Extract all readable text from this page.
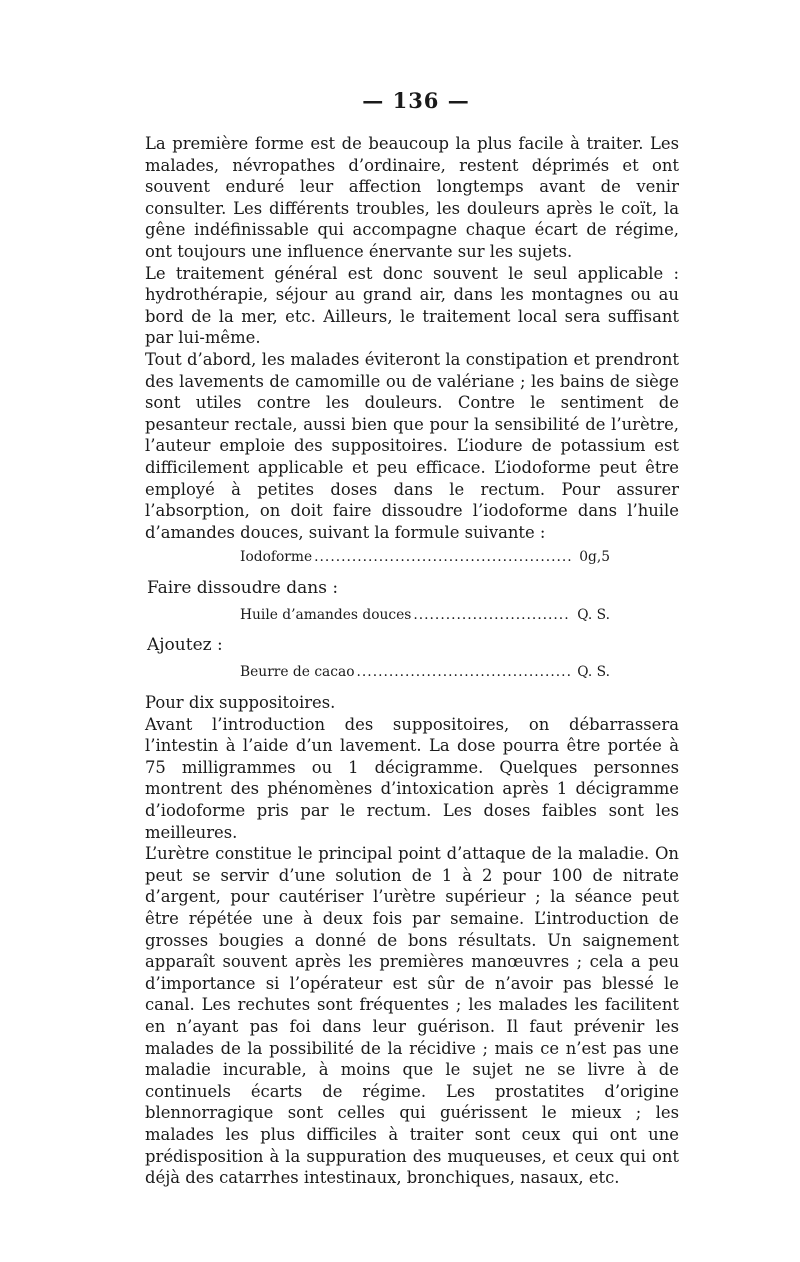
— 136 —

La première forme est de beaucoup la plus facile à traiter. Les malades, névropathes d’ordinaire, restent déprimés et ont souvent enduré leur affection longtemps avant de venir consulter. Les différents troubles, les douleurs après le coït, la gêne indéfinissable qui accompagne chaque écart de régime, ont toujours une influence énervante sur les sujets.

Le traitement général est donc souvent le seul applicable : hydrothérapie, séjour au grand air, dans les montagnes ou au bord de la mer, etc. Ailleurs, le traitement local sera suffisant par lui-même.

Tout d’abord, les malades éviteront la constipation et prendront des lavements de camomille ou de valériane ; les bains de siège sont utiles contre les douleurs. Contre le sentiment de pesanteur rectale, aussi bien que pour la sensibilité de l’urètre, l’auteur emploie des suppositoires. L’iodure de potassium est difficilement applicable et peu efficace. L’iodoforme peut être employé à petites doses dans le rectum. Pour assurer l’absorption, on doit faire dissoudre l’iodoforme dans l’huile d’amandes douces, suivant la formule suivante :

Iodoforme .....	0g,5
Faire dissoudre dans :
Huile d’amandes douces .....	Q. S.
Ajoutez :
Beurre de cacao .....	Q. S.

Pour dix suppositoires.

Avant l’introduction des suppositoires, on débarrassera l’intestin à l’aide d’un lavement. La dose pourra être portée à 75 milligrammes ou 1 décigramme. Quelques personnes montrent des phénomènes d’intoxication après 1 décigramme d’iodoforme pris par le rectum. Les doses faibles sont les meilleures.

L’urètre constitue le principal point d’attaque de la maladie. On peut se servir d’une solution de 1 à 2 pour 100 de nitrate d’argent, pour cautériser l’urètre supérieur ; la séance peut être répétée une à deux fois par semaine. L’introduction de grosses bougies a donné de bons résultats. Un saignement apparaît souvent après les premières manœuvres ; cela a peu d’importance si l’opérateur est sûr de n’avoir pas blessé le canal. Les rechutes sont fréquentes ; les malades les facilitent en n’ayant pas foi dans leur guérison. Il faut prévenir les malades de la possibilité de la récidive ; mais ce n’est pas une maladie incurable, à moins que le sujet ne se livre à de continuels écarts de régime. Les prostatites d’origine blennorragique sont celles qui guérissent le mieux ; les malades les plus difficiles à traiter sont ceux qui ont une prédisposition à la suppuration des muqueuses, et ceux qui ont déjà des catarrhes intestinaux, bronchiques, nasaux, etc.
